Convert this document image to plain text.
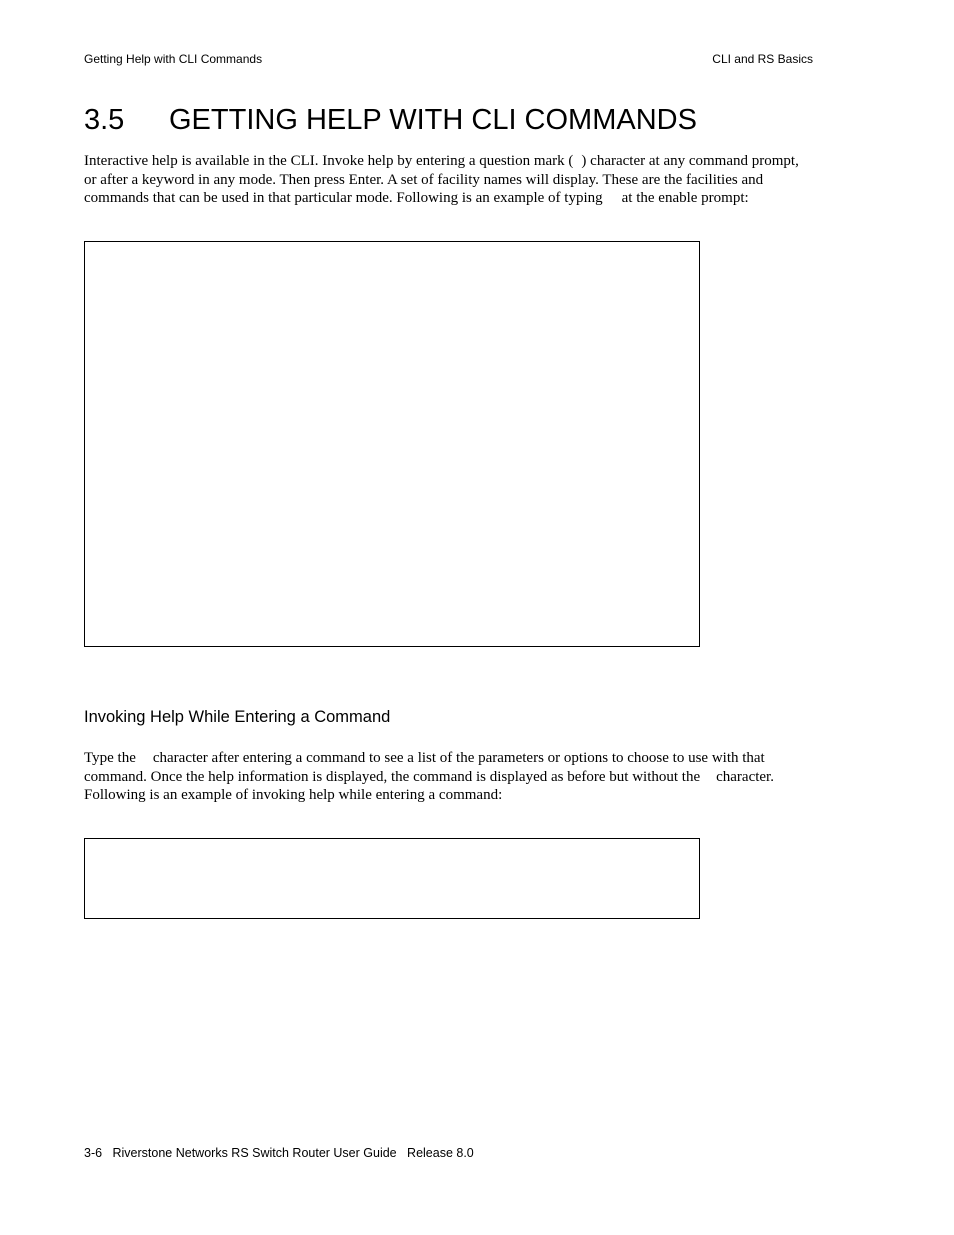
Getting Help with CLI Commands	CLI and RS Basics
3.5 GETTING HELP WITH CLI COMMANDS
Interactive help is available in the CLI. Invoke help by entering a question mark ( ) character at any command prompt,
or after a keyword in any mode. Then press Enter. A set of facility names will display. These are the facilities and
commands that can be used in that particular mode. Following is an example of typing at the enable prompt:
Invoking Help While Entering a Command
Type the character after entering a command to see a list of the parameters or options to choose to use with that
command. Once the help information is displayed, the command is displayed as before but without the character.
Following is an example of invoking help while entering a command:
3-6 Riverstone Networks RS Switch Router User Guide Release 8.0
